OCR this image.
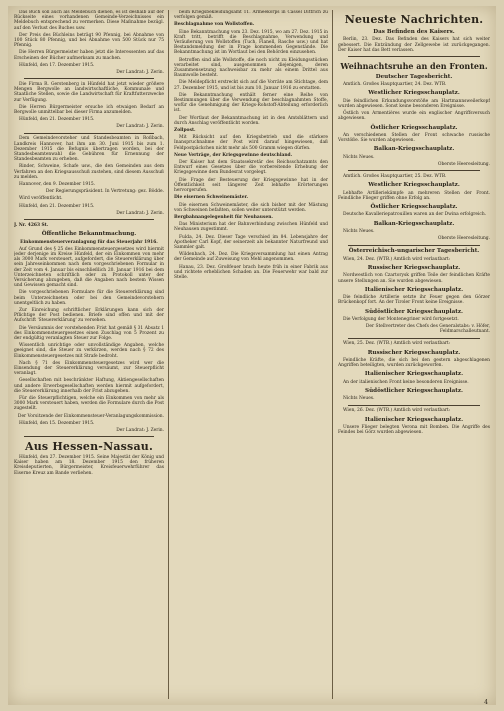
Das Buch soll auch als Meldebuch dienen, es ist deshalb auf der Rückseite eines vorhandenen Gemeinde-Verzeichnisses ein Meldebuch entsprechend zu vermerken. Diese Maßnahme bezügl. auf den Verlust des Buches usw.

Der Preis des Büchleins beträgt 90 Pfennig, bei Abnahme von 100 Stück 80 Pfennig, und bei Abnahme von 500 Stück nur 75 Pfennig.

Die Herren Bürgermeister haben jetzt die Interessenten auf das Erscheinen der Bücher aufmerksam zu machen.

Hünfeld, den 17. Dezember 1915.

Der Landrat: J. Zerin.

Die Firma R. Gerstenberg in Hünfeld hat jetzt wieder größere Mengen Bergwolle an landwirtschaftliche, Kommunale und Staatliche Stellen, sowie die Landwirtschaft für Kraftfutterzwecke zur Verfügung.

Die Herren Bürgermeister ersuche ich etwaigen Bedarf an Bergwolle unmittelbar bei dieser Firma anzumelden.

Hünfeld, den 21. Dezember 1915.

Der Landrat: J. Zerin.

Dem Gemeindevorsteher und Standesbeamten in Roßbach, Landkreis Hannover, hat ihm am 30. Juni 1915 bis zum 1. Dezember 1915 die Befugnis übertragen worden, bei der Standesbeamtenwahl die Gebühren für Ernennung der Standesbeamten zu erheben.

Rinder, Schweine, Schafe usw., die den Gemeinden aus dem Verfahren an den Kriegsausschuß zustehen, sind diesem Ausschuß zu melden.

Hannover, den 9. Dezember 1915.

Der Regierungspräsident. In Vertretung: gez. Bödde.

Wird veröffentlicht.

Hünfeld, den 21. Dezember 1915.

Der Landrat: J. Zerin.

J. Nr. 4263 St.

Öffentliche Bekanntmachung.

Einkommensteuerveranlagung für das Steuerjahr 1916.

Auf Grund des § 25 des Einkommensteuergesetzes wird hiermit jeder derjenige im Kreise Hünfeld, der ein Einkommen von mehr als 3000 Mark versteuert, aufgefordert, die Steuererklärung über sein Jahreseinkommen nach dem vorgeschriebenen Formular in der Zeit vom 4. Januar bis einschließlich 20. Januar 1916 bei dem Unterzeichneten schriftlich oder zu Protokoll unter der Versicherung abzugeben, daß die Angaben nach bestem Wissen und Gewissen gemacht sind.

Die vorgeschriebenen Formulare für die Steuererklärung sind beim Unterzeichneten oder bei den Gemeindevorstehern unentgeltlich zu haben.

Zur Einreichung schriftlicher Erklärungen kann sich der Pflichtige der Post bedienen. Briefe sind offen und mit der Aufschrift 'Steuererklärung' zu versehen.

Die Versäumnis der vorstehenden Frist hat gemäß § 31 Absatz 1 des Einkommensteuergesetzes einen Zuschlag von 5 Prozent zu der endgültig veranlagten Steuer zur Folge.

Wissentlich unrichtige oder unvollständige Angaben, welche geeignet sind, die Steuer zu verkürzen, werden nach § 72 des Einkommensteuergesetzes mit Strafe bedroht.

Nach § 71 des Einkommensteuergesetzes wird wer die Einsendung der Steuererklärung versäumt, zur Steuerpflicht veranlagt.

Gesellschaften mit beschränkter Haftung, Aktiengesellschaften und andere Erwerbsgesellschaften werden hiermit aufgefordert, die Steuererklärung innerhalb der Frist abzugeben.

Für die Steuerpflichtigen, welche ein Einkommen von mehr als 3000 Mark versteuert haben, werden die Formulare durch die Post zugestellt.

Der Vorsitzende der Einkommensteuer-Veranlagungskommission.

Hünfeld, den 15. Dezember 1915.

Der Landrat: J. Zerin.
Aus Hessen-Nassau.

Hünfeld, den 27. Dezember 1915. Seine Majestät der König und Kaiser haben am 18. Dezember 1915 den früheren Kreisdeputierten, Bürgermeister, Kreisfeuerwehrführer das Eiserne Kreuz am Bande verliehen.

beim Kriegsbekleidungsamt 11. Armeekorps in Cassel Dittrich zu verfolgen gemäß.

Beschlagnahme von Wollstoffen.

Eine Bekanntmachung vom 23. Dez. 1915, wo am 27. Dez. 1915 in Kraft tritt, betrifft die Beschlagnahme, Verwendung und Veräußerung von Wollstoffen (Tuch, Flanell, Rasche usw.) und hat Bestandsmeldung der in Frage kommenden Gegenstände. Die Bekanntmachung ist im Wortlaut bei den Behörden einzusehen.

Betroffen sind alle Wollstoffe, die noch nicht zu Kleidungsstücken verarbeitet sind, ausgenommen diejenigen, deren Zusammensetzung nachweisbar zu mehr als einem Drittel aus Baumwolle besteht.

Die Meldepflicht erstreckt sich auf die Vorräte am Stichtage, dem 27. Dezember 1915, und ist bis zum 10. Januar 1916 zu erstatten.

Die Bekanntmachung enthält ferner eine Reihe von Bestimmungen über die Verwendung der beschlagnahmten Stoffe, wofür die Genehmigung der Kriegs-Rohstoff-Abteilung erforderlich ist.

Der Wortlaut der Bekanntmachung ist in den Amtsblättern und durch Anschlag veröffentlicht worden.

Zollpost.

Mit Rücksicht auf den Kriegsbetrieb und die stärkere Inanspruchnahme der Post wird darauf hingewiesen, daß Feldpostpäckchen nicht mehr als 500 Gramm wiegen dürfen.

Neue Verträge, der Kriegsgewinne deutschland.

Der Kaiser hat dem Staatssekretär des Reichsschatzamts den Entwurf eines Gesetzes über die vorbereitende Erhebung der Kriegsgewinne dem Bundesrat vorgelegt.

Die Frage der Besteuerung der Kriegsgewinne hat in der Öffentlichkeit seit längerer Zeit lebhafte Erörterungen hervorgerufen.

Die eisernen Schweinemäster.

Die eisernen Schweinemäster, die sich bisher mit der Mästung von Schweinen befaßten, sollen weiter unterstützt werden.

Bergbahnangelegenheit für Neuhausen.

Das Ministerium hat der Bahnverbindung zwischen Hünfeld und Neuhausen zugestimmt.

Fulda, 24. Dez. Dieser Tage verschied im 84. Lebensjahre der Apotheker Carl Kopf, der seinerzeit als bekannter Naturfreund und Sammler galt.

Wildenbach, 24. Dez. Die Kriegsversammlung hat einen Antrag der Gemeinde auf Zuweisung von Mehl angenommen.

Hanau, 23. Dez. Großfeuer brach heute früh in einer Fabrik aus und richtete erheblichen Schaden an. Die Feuerwehr war bald zur Stelle.

Neueste Nachrichten.
Das Befinden des Kaisers.

Berlin, 23. Dez. Das Befinden des Kaisers hat sich weiter gebessert. Die Entzündung der Zellgewebe ist zurückgegangen. Der Kaiser hat das Bett verlassen.

Weihnachtsruhe an den Fronten.
Deutscher Tagesbericht.

Amtlich. Großes Hauptquartier, 24. Dez. WTB.

Westlicher Kriegsschauplatz.

Die feindlichen Erkundungsvorstöße am Hartmannsweilerkopf wurden abgewiesen. Sonst keine besonderen Ereignisse.

Östlich von Armentières wurde ein englischer Angriffsversuch abgewiesen.

Östlicher Kriegsschauplatz.

An verschiedenen Stellen der Front schwache russische Vorstöße. Sie wurden abgewiesen.

Balkan-Kriegsschauplatz.

Nichts Neues.

Oberste Heeresleitung.

Amtlich. Großes Hauptquartier, 25. Dez. WTB.

Westlicher Kriegsschauplatz.

Lebhafte Artilleriekämpfe an mehreren Stellen der Front. Feindliche Flieger griffen ohne Erfolg an.

Östlicher Kriegsschauplatz.

Deutsche Kavalleriepatrouillen waren an der Dwina erfolgreich.

Balkan-Kriegsschauplatz.

Nichts Neues.

Oberste Heeresleitung.
Österreichisch-ungarischer Tagesbericht.

Wien, 24. Dez. (WTB.) Amtlich wird verlautbart:

Russischer Kriegsschauplatz.

Nordwestlich von Czartorysk griffen Teile der feindlichen Kräfte unsere Stellungen an. Sie wurden abgewiesen.

Italienischer Kriegsschauplatz.

Die feindliche Artillerie setzte ihr Feuer gegen den Görzer Brückenkopf fort. An der Tiroler Front keine Ereignisse.

Südöstlicher Kriegsschauplatz.

Die Verfolgung der Montenegriner wird fortgesetzt.

Der Stellvertreter des Chefs des Generalstabs: v. Höfer, Feldmarschalleutnant.

Wien, 25. Dez. (WTB.) Amtlich wird verlautbart:

Russischer Kriegsschauplatz.

Feindliche Kräfte, die sich bei den gestern abgeschlagenen Angriffen beteiligten, wurden zurückgeworfen.

Italienischer Kriegsschauplatz.

An der italienischen Front keine besonderen Ereignisse.

Südöstlicher Kriegsschauplatz.

Nichts Neues.

Wien, 26. Dez. (WTB.) Amtlich wird verlautbart:

Italienischer Kriegsschauplatz.

Unsere Flieger belegten Verona mit Bomben. Die Angriffe des Feindes bei Görz wurden abgewiesen.

4
